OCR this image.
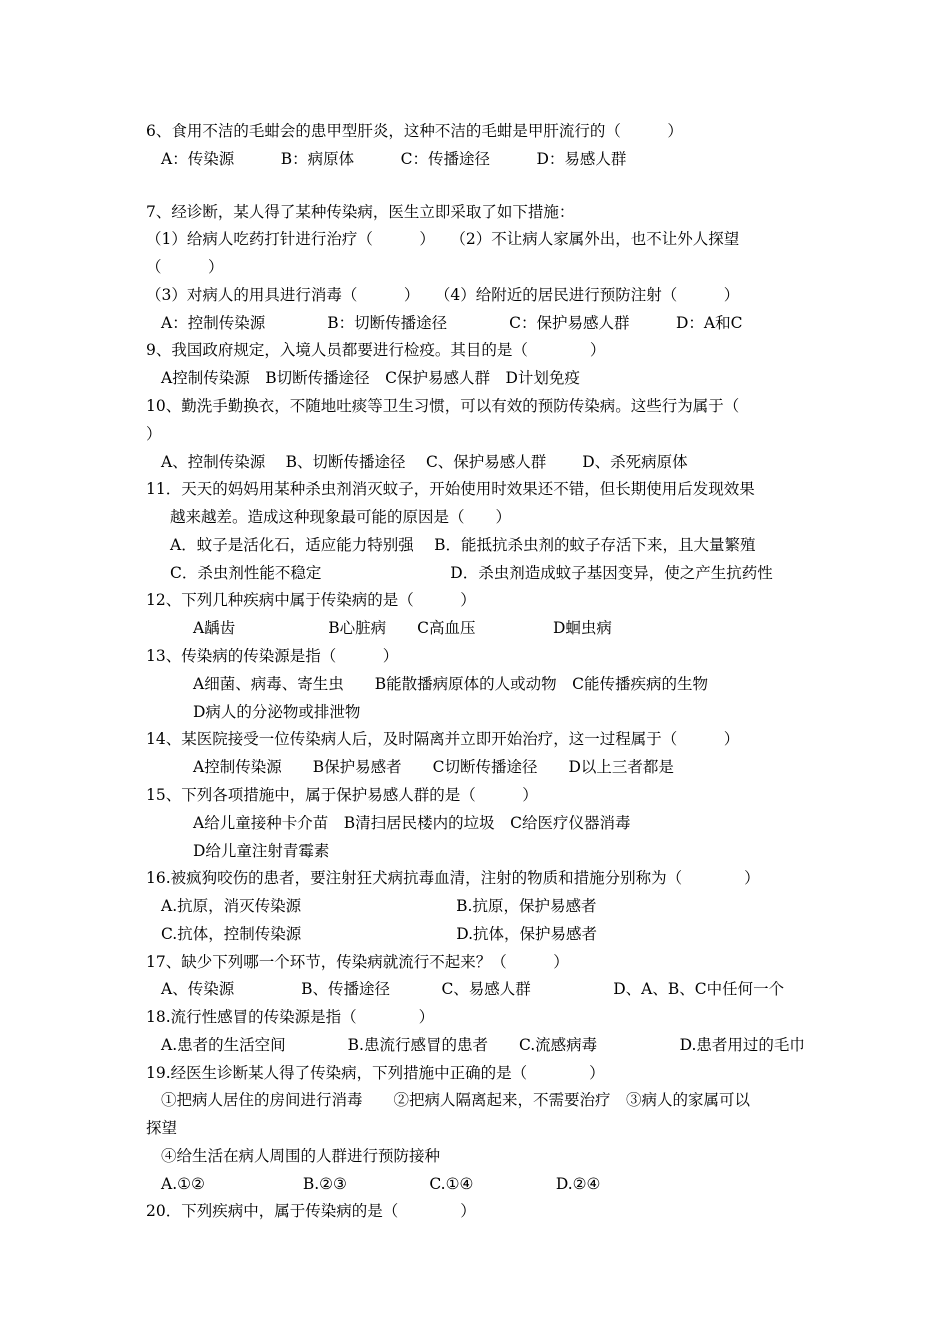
6、食用不洁的毛蚶会的患甲型肝炎，这种不洁的毛蚶是甲肝流行的（　　　）
A：传染源　　　B：病原体　　　C：传播途径　　　D：易感人群
7、经诊断，某人得了某种传染病，医生立即采取了如下措施：
（1）给病人吃药打针进行治疗（　　　）　　（2）不让病人家属外出，也不让外人探望
（　　　）
（3）对病人的用具进行消毒（　　　）　　（4）给附近的居民进行预防注射（　　　）
A：控制传染源　　　　B：切断传播途径　　　　C：保护易感人群　　　D：A和C
9、我国政府规定，入境人员都要进行检疫。其目的是（　　　　）
A控制传染源　B切断传播途径　C保护易感人群　D计划免疫
10、勤洗手勤换衣，不随地吐痰等卫生习惯，可以有效的预防传染病。这些行为属于（
）
A、控制传染源　 B、切断传播途径　 C、保护易感人群　　 D、杀死病原体
11．天天的妈妈用某种杀虫剂消灭蚊子，开始使用时效果还不错，但长期使用后发现效果
越来越差。造成这种现象最可能的原因是（　　）
A．蚊子是活化石，适应能力特别强　 B．能抵抗杀虫剂的蚊子存活下来，且大量繁殖
C．杀虫剂性能不稳定　　　　　　　　 D．杀虫剂造成蚊子基因变异，使之产生抗药性
12、下列几种疾病中属于传染病的是（　　　）
A龋齿　　　　　　B心脏病　　C高血压　　　　　D蛔虫病
13、传染病的传染源是指（　　　）
A细菌、病毒、寄生虫　　B能散播病原体的人或动物　C能传播疾病的生物
D病人的分泌物或排泄物
14、某医院接受一位传染病人后，及时隔离并立即开始治疗，这一过程属于（　　　）
A控制传染源　　B保护易感者　　C切断传播途径　　D以上三者都是
15、下列各项措施中，属于保护易感人群的是（　　　）
A给儿童接种卡介苗　B清扫居民楼内的垃圾　C给医疗仪器消毒
D给儿童注射青霉素
16.被疯狗咬伤的患者，要注射狂犬病抗毒血清，注射的物质和措施分别称为（　　　　）
A.抗原，消灭传染源　　　　　　　　　　B.抗原，保护易感者
C.抗体，控制传染源　　　　　　　　　　D.抗体，保护易感者
17、缺少下列哪一个环节，传染病就流行不起来？（　　　）
A、传染源　　　　 B、传播途径　　　 C、易感人群　　　　　 D、A、B、C中任何一个
18.流行性感冒的传染源是指（　　　　）
A.患者的生活空间　　　　B.患流行感冒的患者　　C.流感病毒　　　　　 D.患者用过的毛巾
19.经医生诊断某人得了传染病，下列措施中正确的是（　　　　）
①把病人居住的房间进行消毒　　②把病人隔离起来，不需要治疗　③病人的家属可以
探望
④给生活在病人周围的人群进行预防接种
A.①②　　　　　　 B.②③　　　　　 C.①④　　　　　 D.②④
20．下列疾病中，属于传染病的是（　　　　）
